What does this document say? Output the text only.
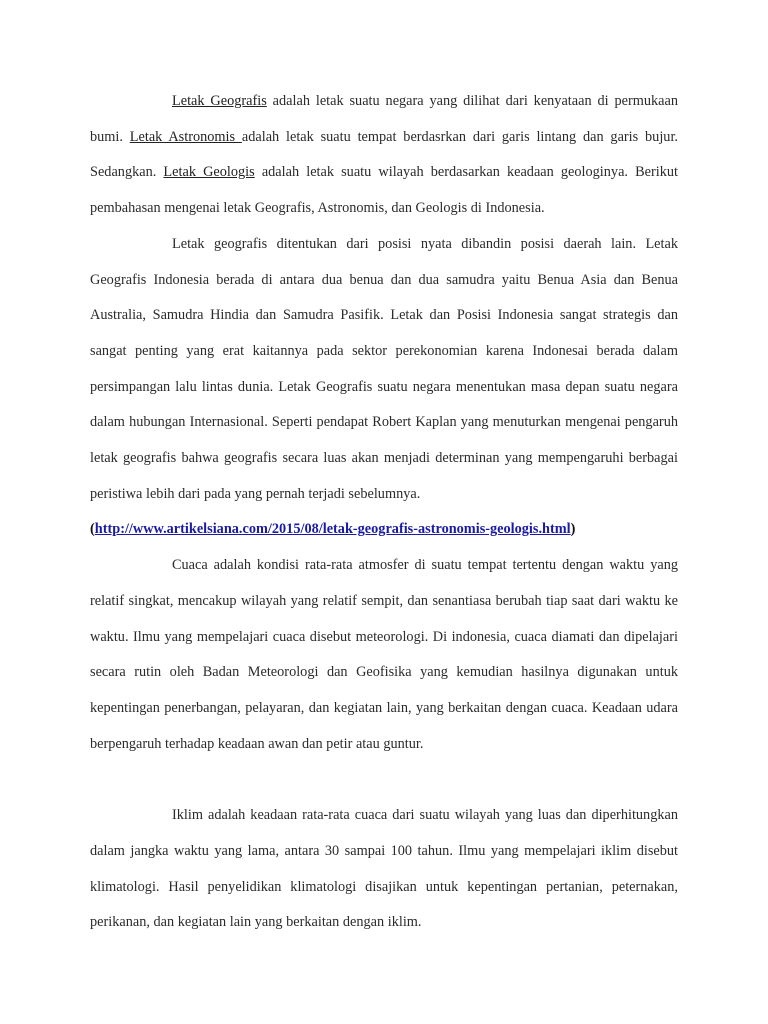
Letak Geografis adalah letak suatu negara yang dilihat dari kenyataan di permukaan bumi. Letak Astronomis adalah letak suatu tempat berdasrkan dari garis lintang dan garis bujur. Sedangkan. Letak Geologis adalah letak suatu wilayah berdasarkan keadaan geologinya. Berikut pembahasan mengenai letak Geografis, Astronomis, dan Geologis di Indonesia.

Letak geografis ditentukan dari posisi nyata dibandin posisi daerah lain. Letak Geografis Indonesia berada di antara dua benua dan dua samudra yaitu Benua Asia dan Benua Australia, Samudra Hindia dan Samudra Pasifik. Letak dan Posisi Indonesia sangat strategis dan sangat penting yang erat kaitannya pada sektor perekonomian karena Indonesai berada dalam persimpangan lalu lintas dunia. Letak Geografis suatu negara menentukan masa depan suatu negara dalam hubungan Internasional. Seperti pendapat Robert Kaplan yang menuturkan mengenai pengaruh letak geografis bahwa geografis secara luas akan menjadi determinan yang mempengaruhi berbagai peristiwa lebih dari pada yang pernah terjadi sebelumnya.

(http://www.artikelsiana.com/2015/08/letak-geografis-astronomis-geologis.html)

Cuaca adalah kondisi rata-rata atmosfer di suatu tempat tertentu dengan waktu yang relatif singkat, mencakup wilayah yang relatif sempit, dan senantiasa berubah tiap saat dari waktu ke waktu. Ilmu yang mempelajari cuaca disebut meteorologi. Di indonesia, cuaca diamati dan dipelajari secara rutin oleh Badan Meteorologi dan Geofisika yang kemudian hasilnya digunakan untuk kepentingan penerbangan, pelayaran, dan kegiatan lain, yang berkaitan dengan cuaca. Keadaan udara berpengaruh terhadap keadaan awan dan petir atau guntur.

Iklim adalah keadaan rata-rata cuaca dari suatu wilayah yang luas dan diperhitungkan dalam jangka waktu yang lama, antara 30 sampai 100 tahun. Ilmu yang mempelajari iklim disebut klimatologi. Hasil penyelidikan klimatologi disajikan untuk kepentingan pertanian, peternakan, perikanan, dan kegiatan lain yang berkaitan dengan iklim.
